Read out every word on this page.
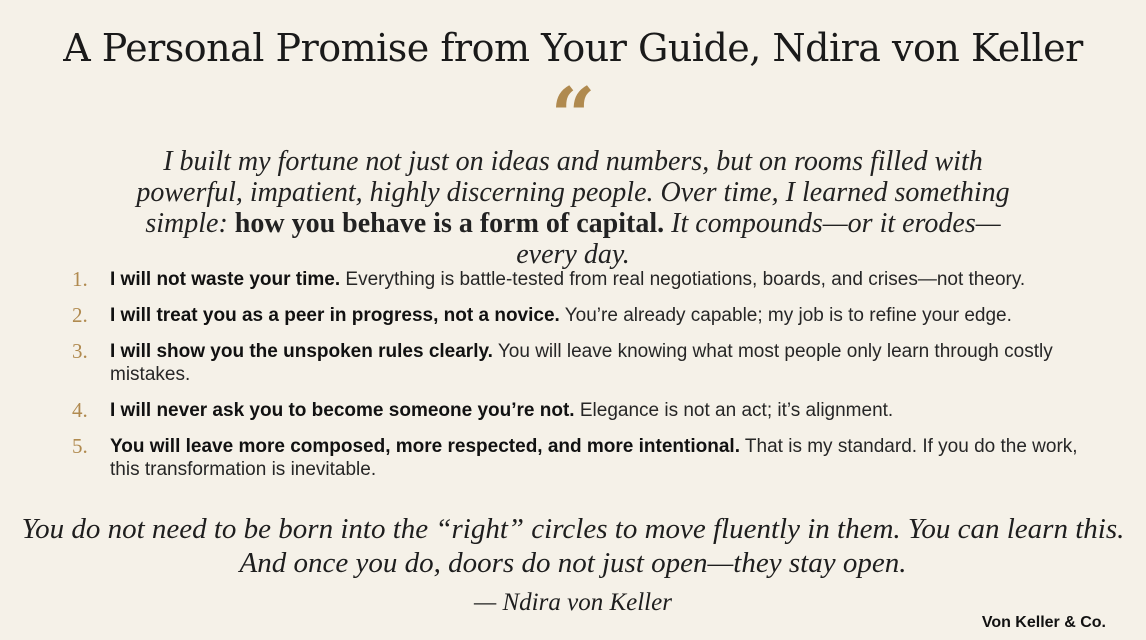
A Personal Promise from Your Guide, Ndira von Keller
“
I built my fortune not just on ideas and numbers, but on rooms filled with powerful, impatient, highly discerning people. Over time, I learned something simple: how you behave is a form of capital. It compounds—or it erodes—every day.
1.	I will not waste your time. Everything is battle-tested from real negotiations, boards, and crises—not theory.
2.	I will treat you as a peer in progress, not a novice. You’re already capable; my job is to refine your edge.
3.	I will show you the unspoken rules clearly. You will leave knowing what most people only learn through costly mistakes.
4.	I will never ask you to become someone you’re not. Elegance is not an act; it’s alignment.
5.	You will leave more composed, more respected, and more intentional. That is my standard. If you do the work, this transformation is inevitable.
You do not need to be born into the “right” circles to move fluently in them. You can learn this.
And once you do, doors do not just open—they stay open.
— Ndira von Keller
Von Keller & Co.
